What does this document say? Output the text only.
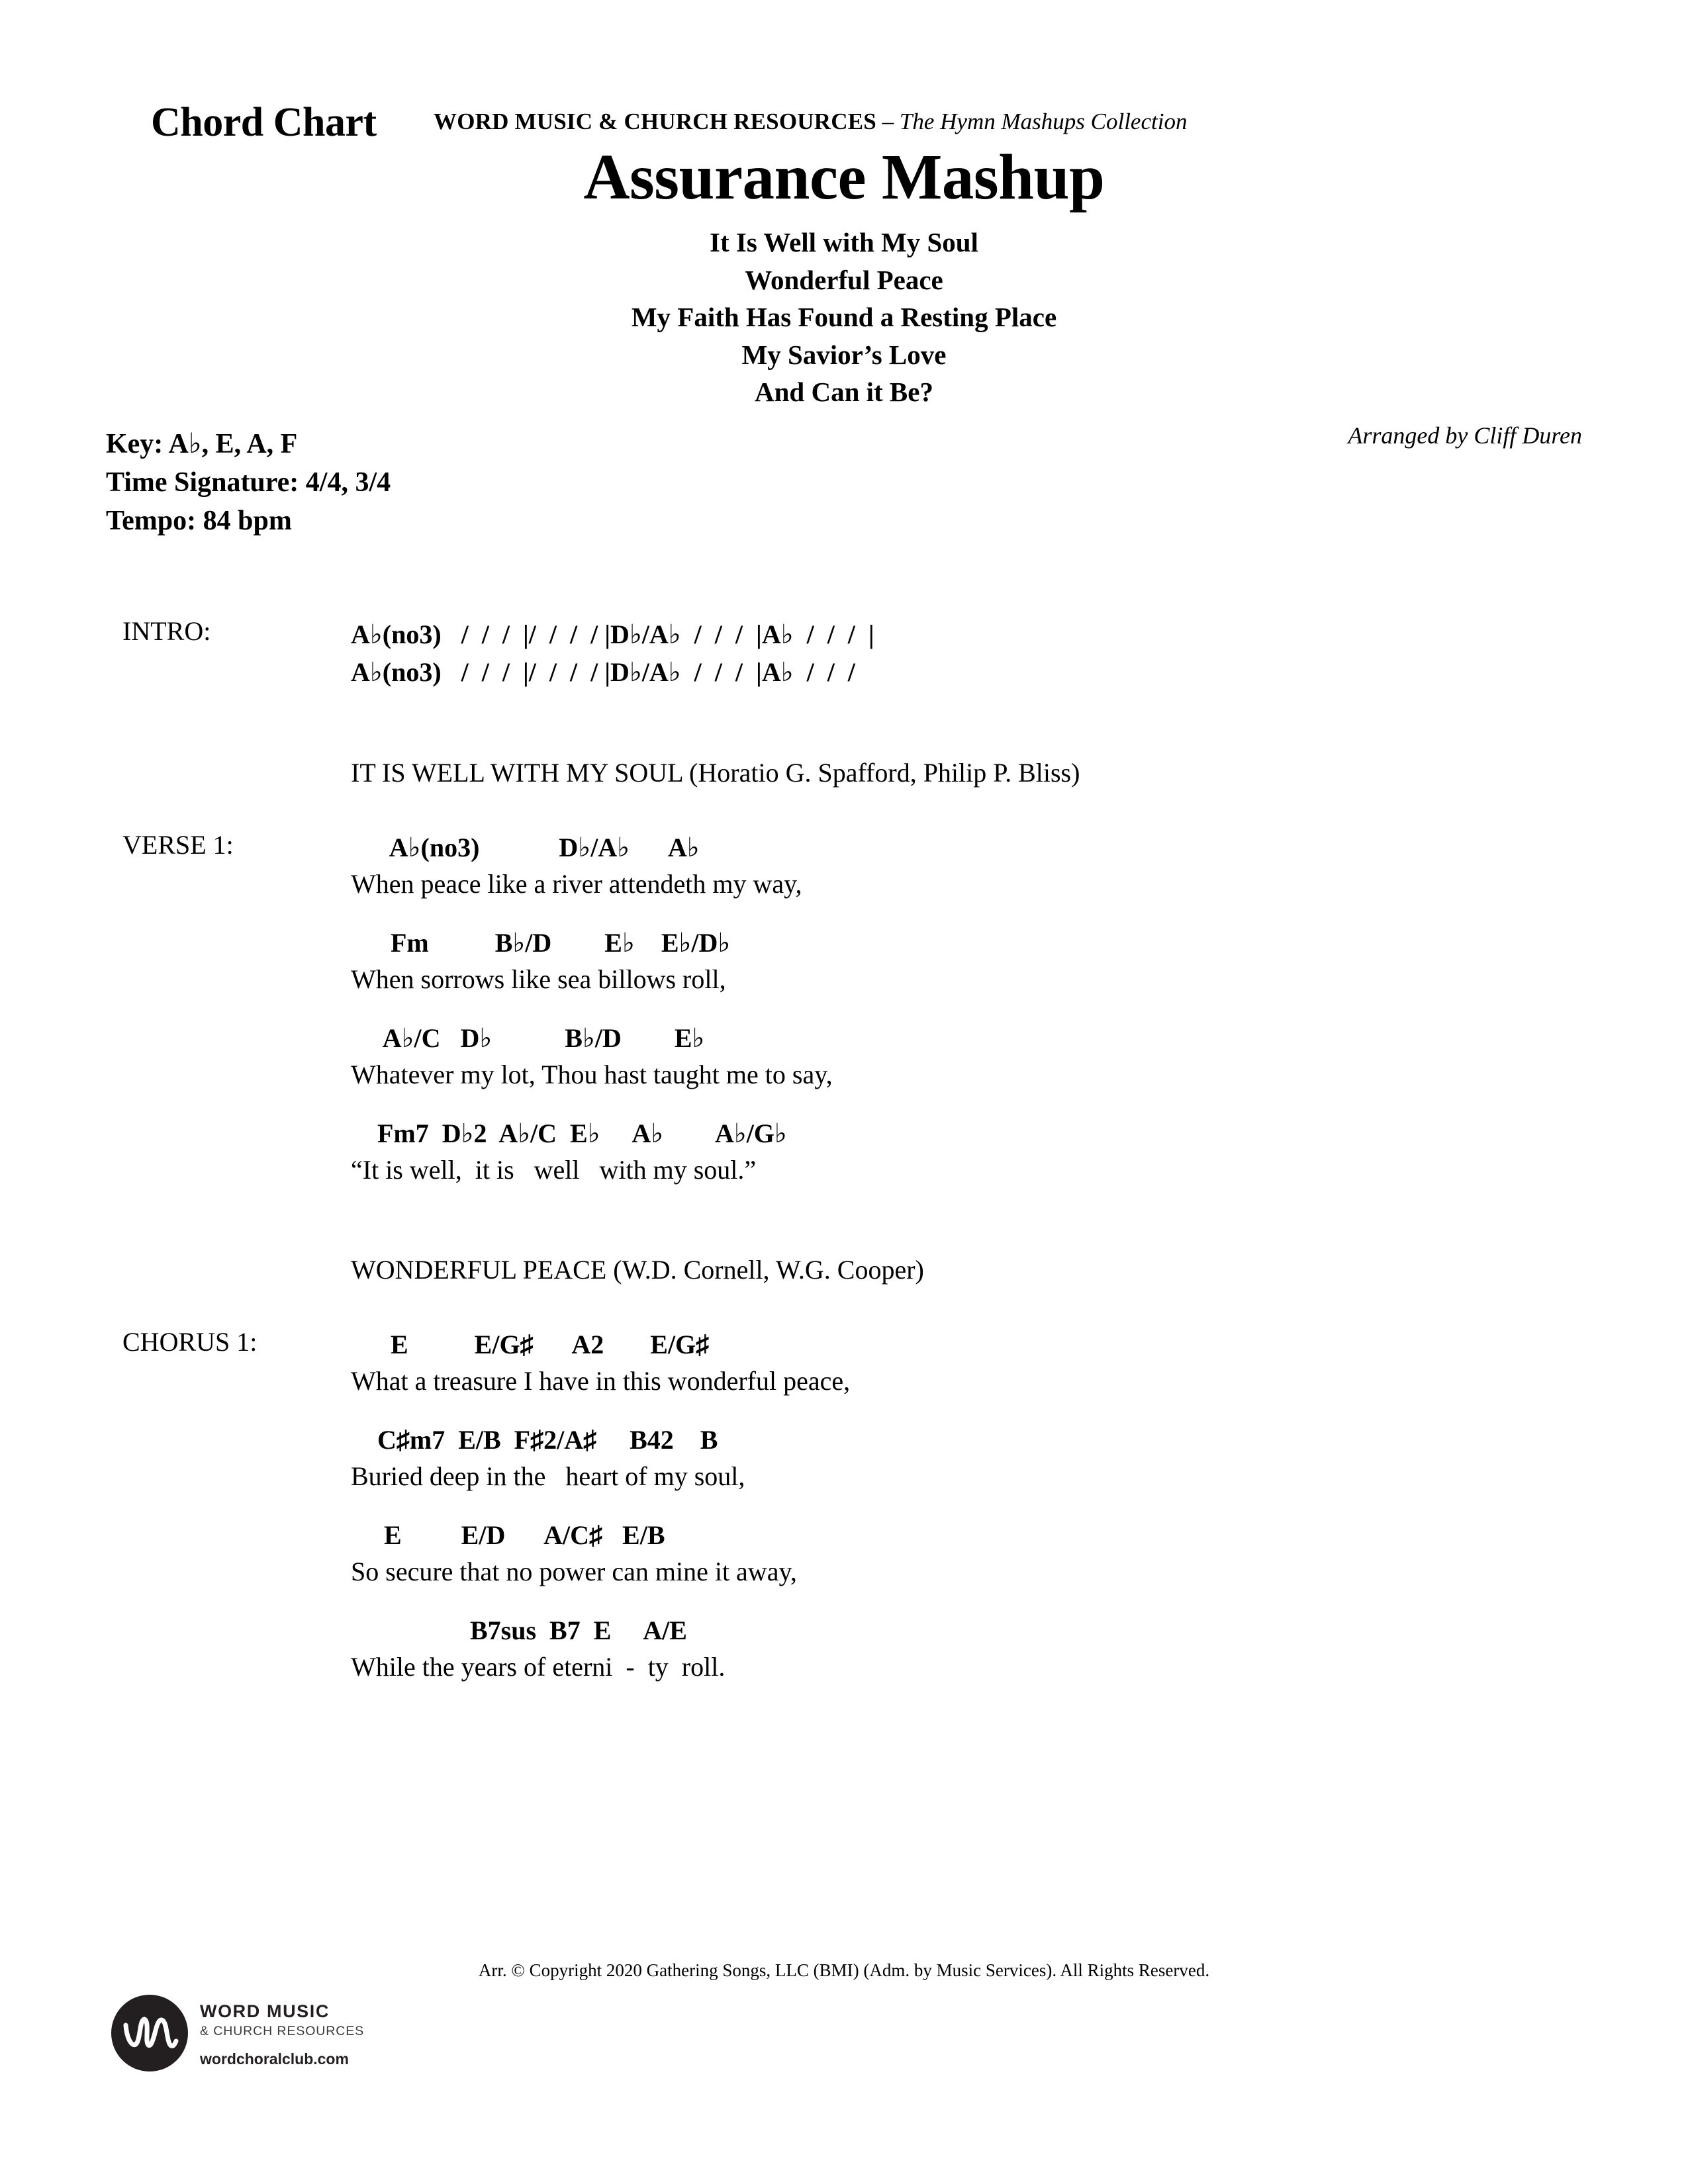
Chord Chart WORD MUSIC & CHURCH RESOURCES – The Hymn Mashups Collection
Assurance Mashup
It Is Well with My Soul
Wonderful Peace
My Faith Has Found a Resting Place
My Savior’s Love
And Can it Be?
Key: A♭, E, A, F
Time Signature: 4/4, 3/4
Tempo: 84 bpm
Arranged by Cliff Duren
INTRO:	A♭(no3)   /  /  /  |/  /  /  / |D♭/A♭  /  /  /  |A♭  /  /  /  |
A♭(no3)   /  /  /  |/  /  /  / |D♭/A♭  /  /  /  |A♭  /  /  /
IT IS WELL WITH MY SOUL (Horatio G. Spafford, Philip P. Bliss)
VERSE 1:	A♭(no3)            D♭/A♭      A♭
When peace like a river attendeth my way,
Fm          B♭/D        E♭    E♭/D♭
When sorrows like sea billows roll,
A♭/C   D♭           B♭/D        E♭
Whatever my lot, Thou hast taught me to say,
Fm7  D♭2  A♭/C  E♭     A♭        A♭/G♭
“It is well,  it is   well   with my soul.”
WONDERFUL PEACE (W.D. Cornell, W.G. Cooper)
CHORUS 1:	E          E/G♯      A2       E/G♯
What a treasure I have in this wonderful peace,
C♯m7  E/B  F♯2/A♯     B42    B
Buried deep in the   heart of my soul,
E         E/D      A/C♯   E/B
So secure that no power can mine it away,
B7sus  B7  E     A/E
While the years of eterni  -  ty  roll.
Arr. © Copyright 2020 Gathering Songs, LLC (BMI) (Adm. by Music Services). All Rights Reserved.
WORD MUSIC
& CHURCH RESOURCES
wordchoralclub.com
